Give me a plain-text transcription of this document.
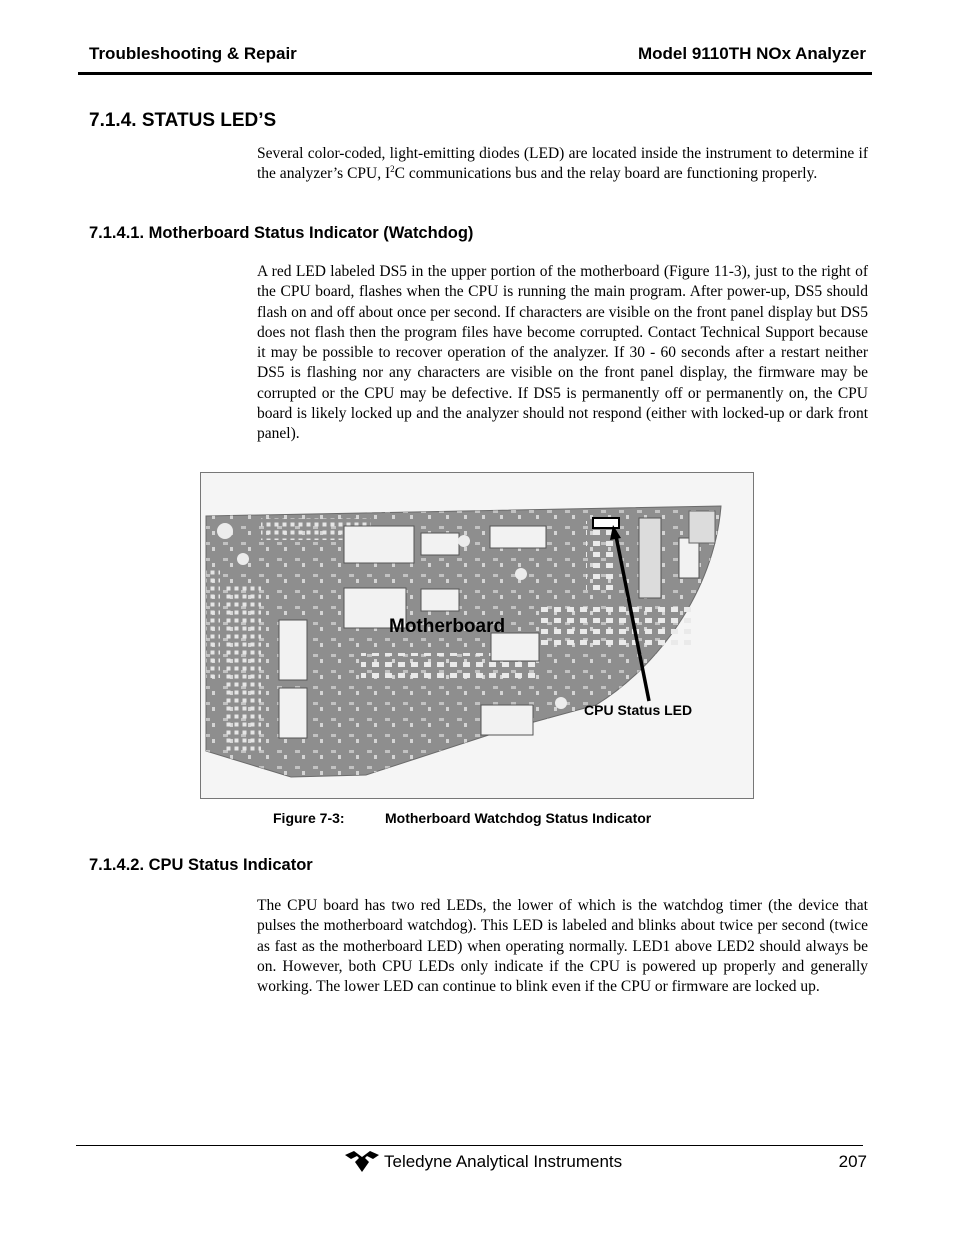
Troubleshooting & Repair	Model 9110TH NOx Analyzer
7.1.4. STATUS LED’S

Several color-coded, light-emitting diodes (LED) are located inside the instrument to determine if the analyzer’s CPU, $I^2C$ communications bus and the relay board are functioning properly.

7.1.4.1. Motherboard Status Indicator (Watchdog)

A red LED labeled DS5 in the upper portion of the motherboard (Figure 11-3), just to the right of the CPU board, flashes when the CPU is running the main program. After power-up, DS5 should flash on and off about once per second. If characters are visible on the front panel display but DS5 does not flash then the program files have become corrupted. Contact Technical Support because it may be possible to recover operation of the analyzer. If 30 - 60 seconds after a restart neither DS5 is flashing nor any characters are visible on the front panel display, the firmware may be corrupted or the CPU may be defective. If DS5 is permanently off or permanently on, the CPU board is likely locked up and the analyzer should not respond (either with locked-up or dark front panel).

Motherboard
CPU Status LED
Figure 7-3:	Motherboard Watchdog Status Indicator
7.1.4.2. CPU Status Indicator

The CPU board has two red LEDs, the lower of which is the watchdog timer (the device that pulses the motherboard watchdog). This LED is labeled and blinks about twice per second (twice as fast as the motherboard LED) when operating normally. LED1 above LED2 should always be on. However, both CPU LEDs only indicate if the CPU is powered up properly and generally working. The lower LED can continue to blink even if the CPU or firmware are locked up.

Teledyne Analytical Instruments	207
